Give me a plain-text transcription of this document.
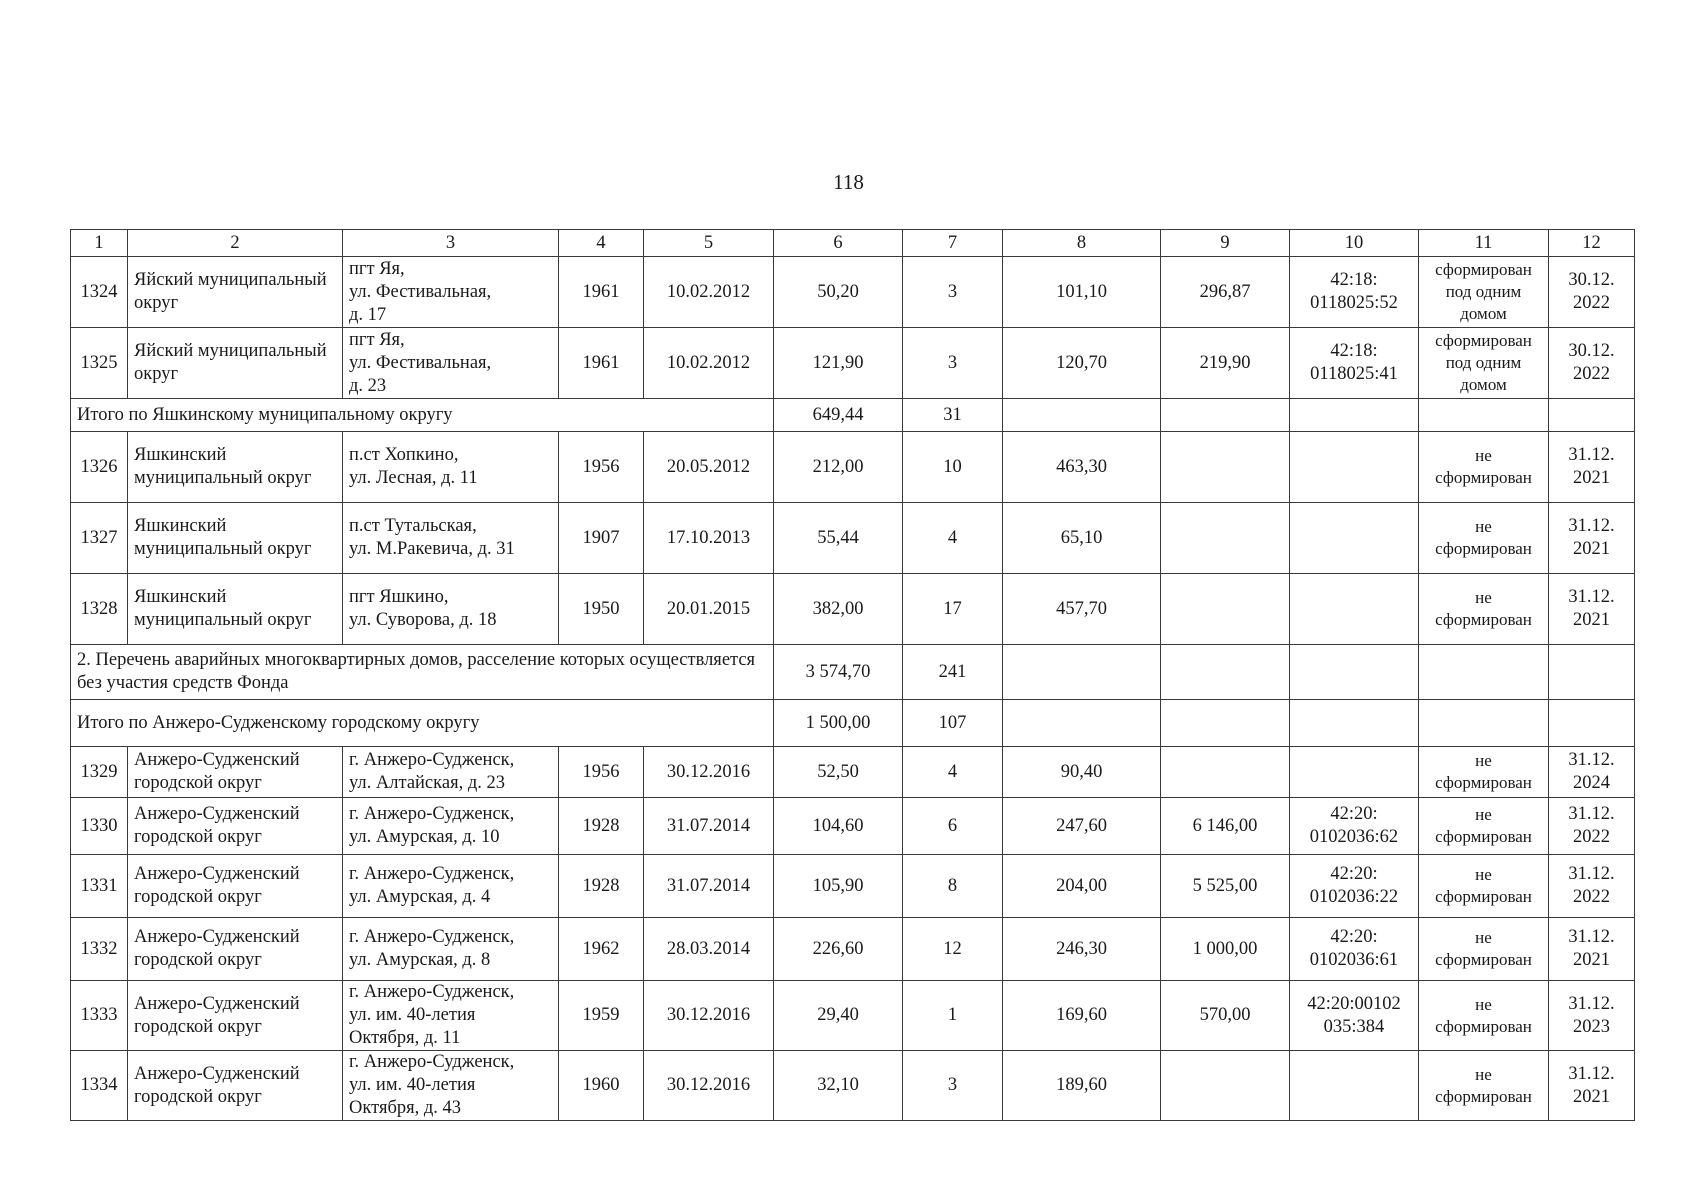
118
1	2	3	4	5	6	7	8	9	10	11	12
1324	Яйский муниципальный округ	пгт Яя,
ул. Фестивальная,
д. 17	1961	10.02.2012	50,20	3	101,10	296,87	42:18:
0118025:52	сформирован под одним домом	30.12.
2022
1325	Яйский муниципальный округ	пгт Яя,
ул. Фестивальная,
д. 23	1961	10.02.2012	121,90	3	120,70	219,90	42:18:
0118025:41	сформирован под одним домом	30.12.
2022
Итого по Яшкинскому муниципальному округу					649,44	31					
1326	Яшкинский муниципальный округ	п.ст Хопкино,
ул. Лесная, д. 11	1956	20.05.2012	212,00	10	463,30			не
сформирован	31.12.
2021
1327	Яшкинский муниципальный округ	п.ст Тутальская,
ул. М.Ракевича, д. 31	1907	17.10.2013	55,44	4	65,10			не
сформирован	31.12.
2021
1328	Яшкинский муниципальный округ	пгт Яшкино,
ул. Суворова, д. 18	1950	20.01.2015	382,00	17	457,70			не
сформирован	31.12.
2021
2. Перечень аварийных многоквартирных домов, расселение которых осуществляется без участия средств Фонда					3 574,70	241					
Итого по Анжеро-Судженскому городскому округу					1 500,00	107					
1329	Анжеро-Судженский городской округ	г. Анжеро-Судженск,
ул. Алтайская, д. 23	1956	30.12.2016	52,50	4	90,40			не
сформирован	31.12.
2024
1330	Анжеро-Судженский городской округ	г. Анжеро-Судженск,
ул. Амурская, д. 10	1928	31.07.2014	104,60	6	247,60	6 146,00	42:20:
0102036:62	не
сформирован	31.12.
2022
1331	Анжеро-Судженский городской округ	г. Анжеро-Судженск,
ул. Амурская, д. 4	1928	31.07.2014	105,90	8	204,00	5 525,00	42:20:
0102036:22	не
сформирован	31.12.
2022
1332	Анжеро-Судженский городской округ	г. Анжеро-Судженск,
ул. Амурская, д. 8	1962	28.03.2014	226,60	12	246,30	1 000,00	42:20:
0102036:61	не
сформирован	31.12.
2021
1333	Анжеро-Судженский городской округ	г. Анжеро-Судженск,
ул. им. 40-летия
Октября, д. 11	1959	30.12.2016	29,40	1	169,60	570,00	42:20:00102
035:384	не
сформирован	31.12.
2023
1334	Анжеро-Судженский городской округ	г. Анжеро-Судженск,
ул. им. 40-летия
Октября, д. 43	1960	30.12.2016	32,10	3	189,60			не
сформирован	31.12.
2021
